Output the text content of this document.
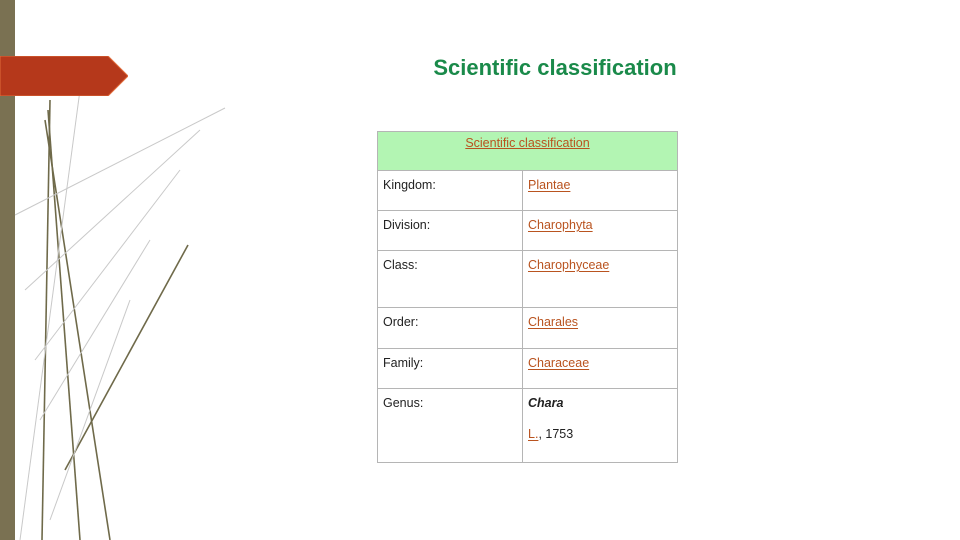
Scientific classification
Scientific classification	
Kingdom:	Plantae
Division:	Charophyta
Class:	Charophyceae
Order:	Charales
Family:	Characeae
Genus:	Chara
L., 1753
